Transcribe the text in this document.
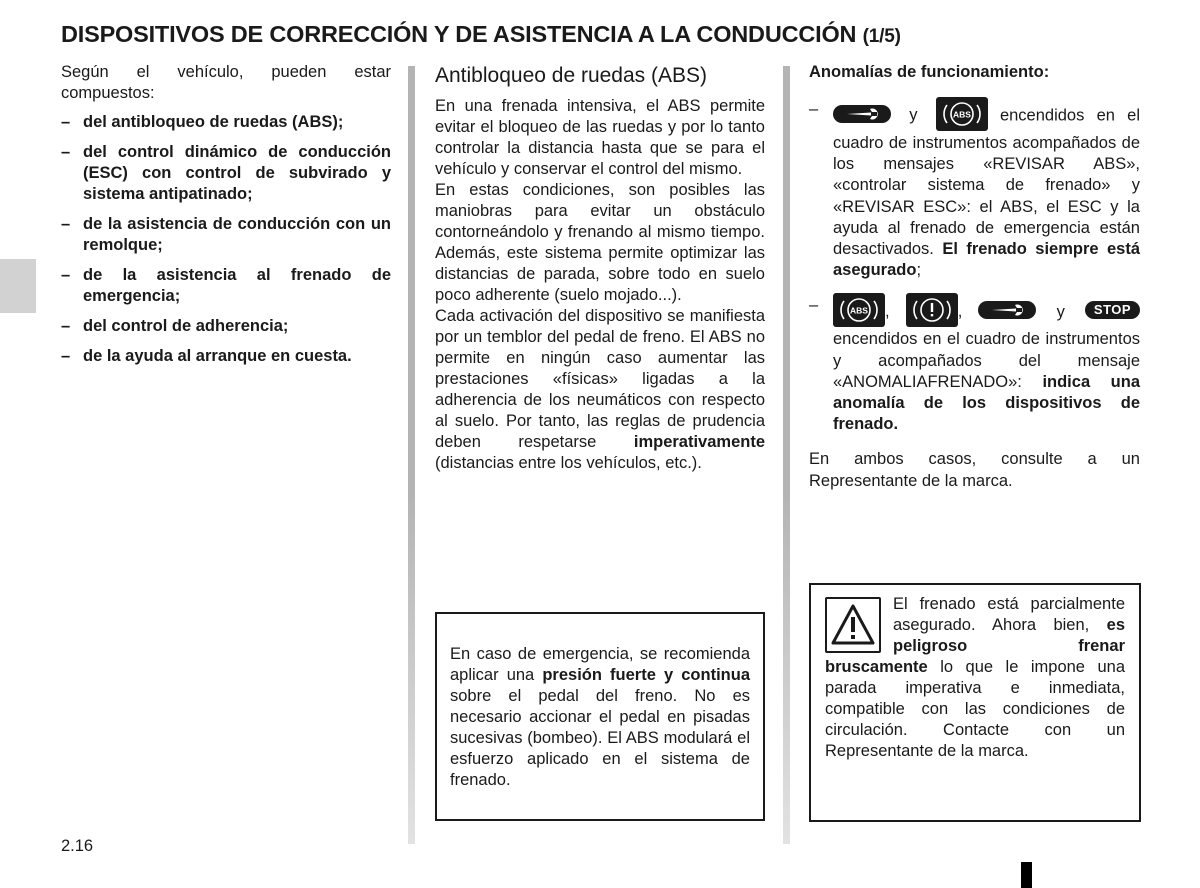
DISPOSITIVOS DE CORRECCIÓN Y DE ASISTENCIA A LA CONDUCCIÓN (1/5)

Según el vehículo, pueden estar compuestos:

– del antibloqueo de ruedas (ABS);
– del control dinámico de conducción (ESC) con control de subvirado y sistema antipatinado;
– de la asistencia de conducción con un remolque;
– de la asistencia al frenado de emergencia;
– del control de adherencia;
– de la ayuda al arranque en cuesta.
Antibloqueo de ruedas (ABS)

En una frenada intensiva, el ABS permite evitar el bloqueo de las ruedas y por lo tanto controlar la distancia hasta que se para el vehículo y conservar el control del mismo.

En estas condiciones, son posibles las maniobras para evitar un obstáculo contorneándolo y frenando al mismo tiempo. Además, este sistema permite optimizar las distancias de parada, sobre todo en suelo poco adherente (suelo mojado...).

Cada activación del dispositivo se manifiesta por un temblor del pedal de freno. El ABS no permite en ningún caso aumentar las prestaciones «físicas» ligadas a la adherencia de los neumáticos con respecto al suelo. Por tanto, las reglas de prudencia deben respetarse imperativamente (distancias entre los vehículos, etc.).

En caso de emergencia, se recomienda aplicar una presión fuerte y continua sobre el pedal del freno. No es necesario accionar el pedal en pisadas sucesivas (bombeo). El ABS modulará el esfuerzo aplicado en el sistema de frenado.

Anomalías de funcionamiento:
–	y	ABS encendidos en el cuadro de instrumentos acompañados de los mensajes «REVISAR ABS», «controlar sistema de frenado» y «REVISAR ESC»: el ABS, el ESC y la ayuda al frenado de emergencia están desactivados. El frenado siempre está asegurado;
–	ABS ,	,	y STOP encendidos en el cuadro de instrumentos y acompañados del mensaje «ANOMALIAFRENADO»: indica una anomalía de los dispositivos de frenado.

En ambos casos, consulte a un Representante de la marca.

El frenado está parcialmente asegurado. Ahora bien, es peligroso frenar bruscamente lo que le impone una parada imperativa e inmediata, compatible con las condiciones de circulación. Contacte con un Representante de la marca.

2.16
